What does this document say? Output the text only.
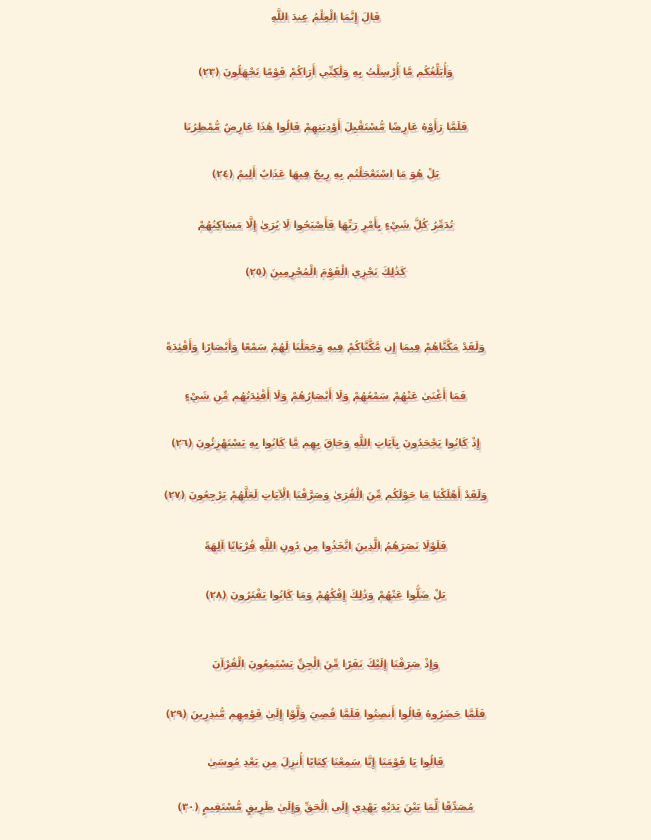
قَالَ إِنَّمَا الْعِلْمُ عِندَ اللَّهِ
وَأُبَلِّغُكُم مَّا أُرْسِلْتُ بِهِ وَلَٰكِنِّي أَرَاكُمْ قَوْمًا تَجْهَلُونَ (٢٣)
فَلَمَّا رَأَوْهُ عَارِضًا مُّسْتَقْبِلَ أَوْدِيَتِهِمْ قَالُوا هَٰذَا عَارِضٌ مُّمْطِرُنَا
بَلْ هُوَ مَا اسْتَعْجَلْتُم بِهِ رِيحٌ فِيهَا عَذَابٌ أَلِيمٌ (٢٤)
تُدَمِّرُ كُلَّ شَيْءٍ بِأَمْرِ رَبِّهَا فَأَصْبَحُوا لَا يُرَىٰ إِلَّا مَسَاكِنُهُمْ
كَذَٰلِكَ نَجْزِي الْقَوْمَ الْمُجْرِمِينَ (٢٥)
وَلَقَدْ مَكَّنَّاهُمْ فِيمَا إِن مَّكَّنَّاكُمْ فِيهِ وَجَعَلْنَا لَهُمْ سَمْعًا وَأَبْصَارًا وَأَفْئِدَةً
فَمَا أَغْنَىٰ عَنْهُمْ سَمْعُهُمْ وَلَا أَبْصَارُهُمْ وَلَا أَفْئِدَتُهُم مِّن شَيْءٍ
إِذْ كَانُوا يَجْحَدُونَ بِآيَاتِ اللَّهِ وَحَاقَ بِهِم مَّا كَانُوا بِهِ يَسْتَهْزِئُونَ (٢٦)
وَلَقَدْ أَهْلَكْنَا مَا حَوْلَكُم مِّنَ الْقُرَىٰ وَصَرَّفْنَا الْآيَاتِ لَعَلَّهُمْ يَرْجِعُونَ (٢٧)
فَلَوْلَا نَصَرَهُمُ الَّذِينَ اتَّخَذُوا مِن دُونِ اللَّهِ قُرْبَانًا آلِهَةً
بَلْ ضَلُّوا عَنْهُمْ وَذَٰلِكَ إِفْكُهُمْ وَمَا كَانُوا يَفْتَرُونَ (٢٨)
وَإِذْ صَرَفْنَا إِلَيْكَ نَفَرًا مِّنَ الْجِنِّ يَسْتَمِعُونَ الْقُرْآنَ
فَلَمَّا حَضَرُوهُ قَالُوا أَنصِتُوا فَلَمَّا قُضِيَ وَلَّوْا إِلَىٰ قَوْمِهِم مُّنذِرِينَ (٢٩)
قَالُوا يَا قَوْمَنَا إِنَّا سَمِعْنَا كِتَابًا أُنزِلَ مِن بَعْدِ مُوسَىٰ
مُصَدِّقًا لِّمَا بَيْنَ يَدَيْهِ يَهْدِي إِلَى الْحَقِّ وَإِلَىٰ طَرِيقٍ مُّسْتَقِيمٍ (٣٠)
